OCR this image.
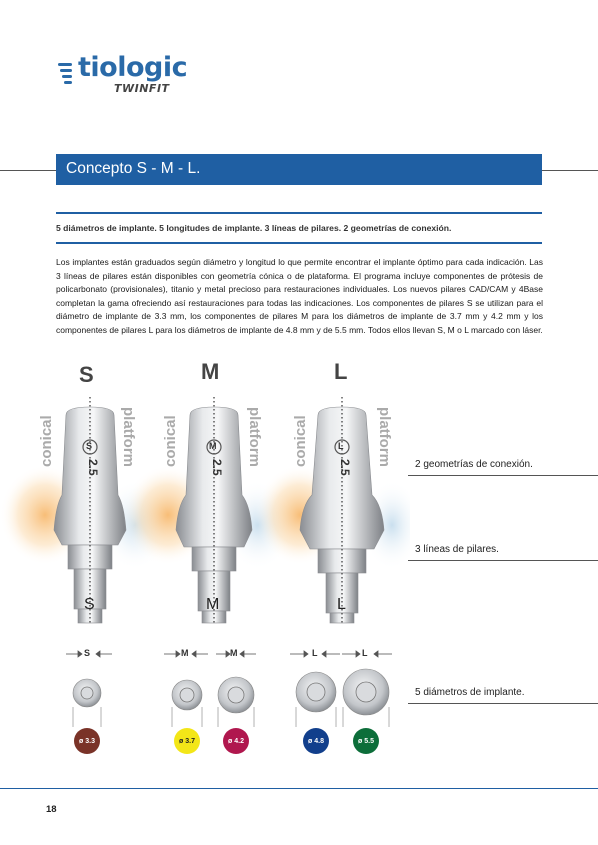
tiologic
TWINFIT
Concepto S - M - L.
5 diámetros de implante. 5 longitudes de implante. 3 líneas de pilares. 2 geometrías de conexión.
Los implantes están graduados según diámetro y longitud lo que permite encontrar el implante óptimo para cada indicación. Las 3 líneas de pilares están disponibles con geometría cónica o de plataforma. El programa incluye componentes de prótesis de policarbonato (provisionales), titanio y metal precioso para restauraciones individuales. Los nuevos pilares CAD/CAM y 4Base completan la gama ofreciendo así restauraciones para todas las indicaciones. Los componentes de pilares S se utilizan para el diámetro de implante de 3.3 mm, los componentes de pilares M para los diámetros de implante de 3.7 mm y 4.2 mm y los componentes de pilares L para los diámetros de implante de 4.8 mm y de 5.5 mm. Todos ellos llevan S, M o L marcado con láser.
S	M	L
conical	platform conical	platform conical	platform
S	M	L
2.5	2.5	2.5
S	M	L
S	M	M	L	L
ø 3.3	ø 3.7	ø 4.2	ø 4.8	ø 5.5
2 geometrías de conexión.
3 líneas de pilares.
5 diámetros de implante.
18
